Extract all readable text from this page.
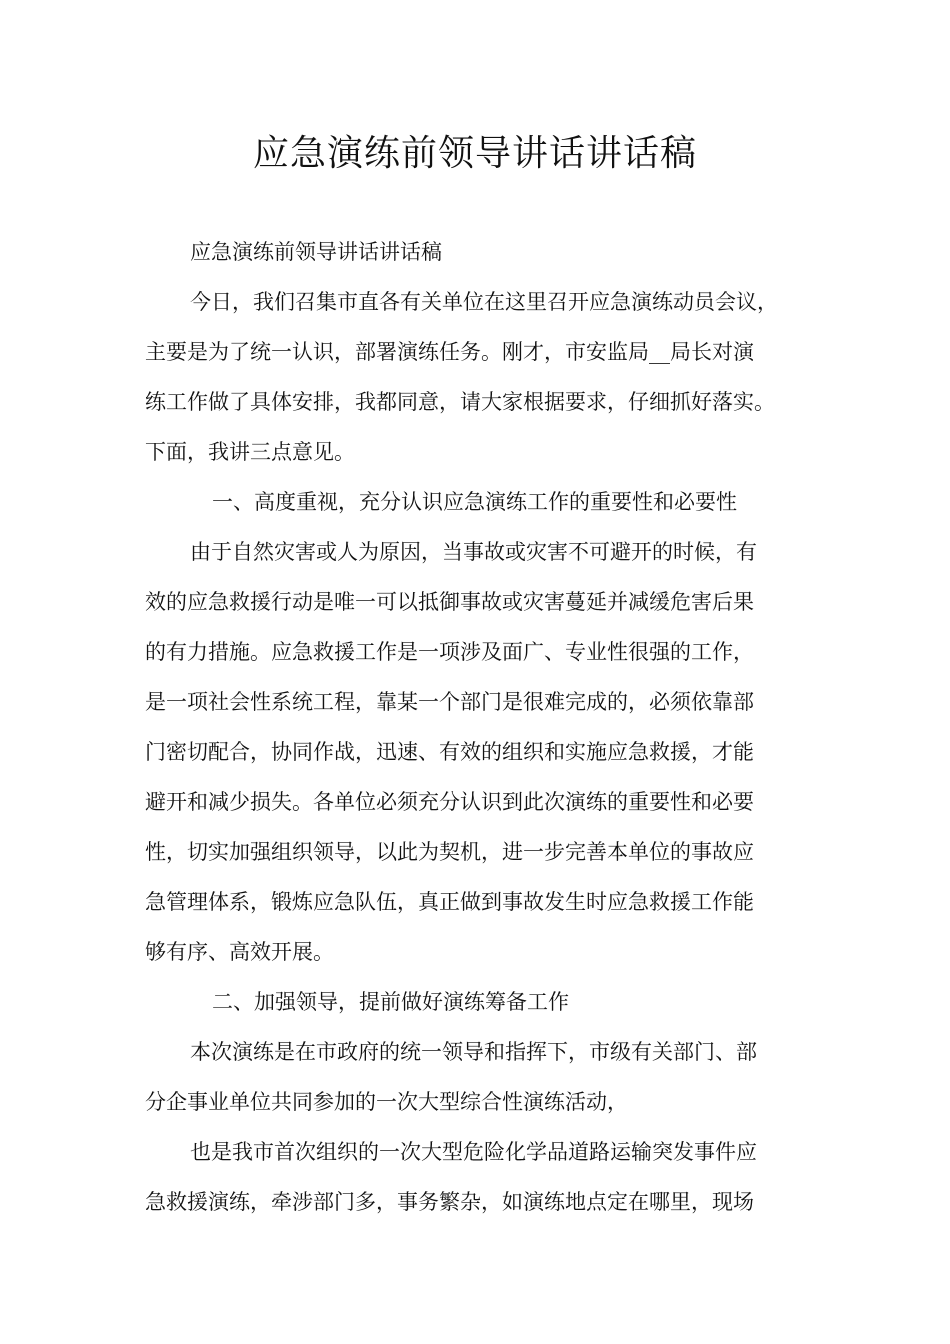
应急演练前领导讲话讲话稿

应急演练前领导讲话讲话稿

今日，我们召集市直各有关单位在这里召开应急演练动员会议，

主要是为了统一认识，部署演练任务。刚才，市安监局__局长对演

练工作做了具体安排，我都同意，请大家根据要求，仔细抓好落实。

下面，我讲三点意见。

一、高度重视，充分认识应急演练工作的重要性和必要性

由于自然灾害或人为原因，当事故或灾害不可避开的时候，有

效的应急救援行动是唯一可以抵御事故或灾害蔓延并减缓危害后果

的有力措施。应急救援工作是一项涉及面广、专业性很强的工作，

是一项社会性系统工程，靠某一个部门是很难完成的，必须依靠部

门密切配合，协同作战，迅速、有效的组织和实施应急救援，才能

避开和减少损失。各单位必须充分认识到此次演练的重要性和必要

性，切实加强组织领导，以此为契机，进一步完善本单位的事故应

急管理体系，锻炼应急队伍，真正做到事故发生时应急救援工作能

够有序、高效开展。

二、加强领导，提前做好演练筹备工作

本次演练是在市政府的统一领导和指挥下，市级有关部门、部

分企事业单位共同参加的一次大型综合性演练活动，

也是我市首次组织的一次大型危险化学品道路运输突发事件应

急救援演练，牵涉部门多，事务繁杂，如演练地点定在哪里，现场
